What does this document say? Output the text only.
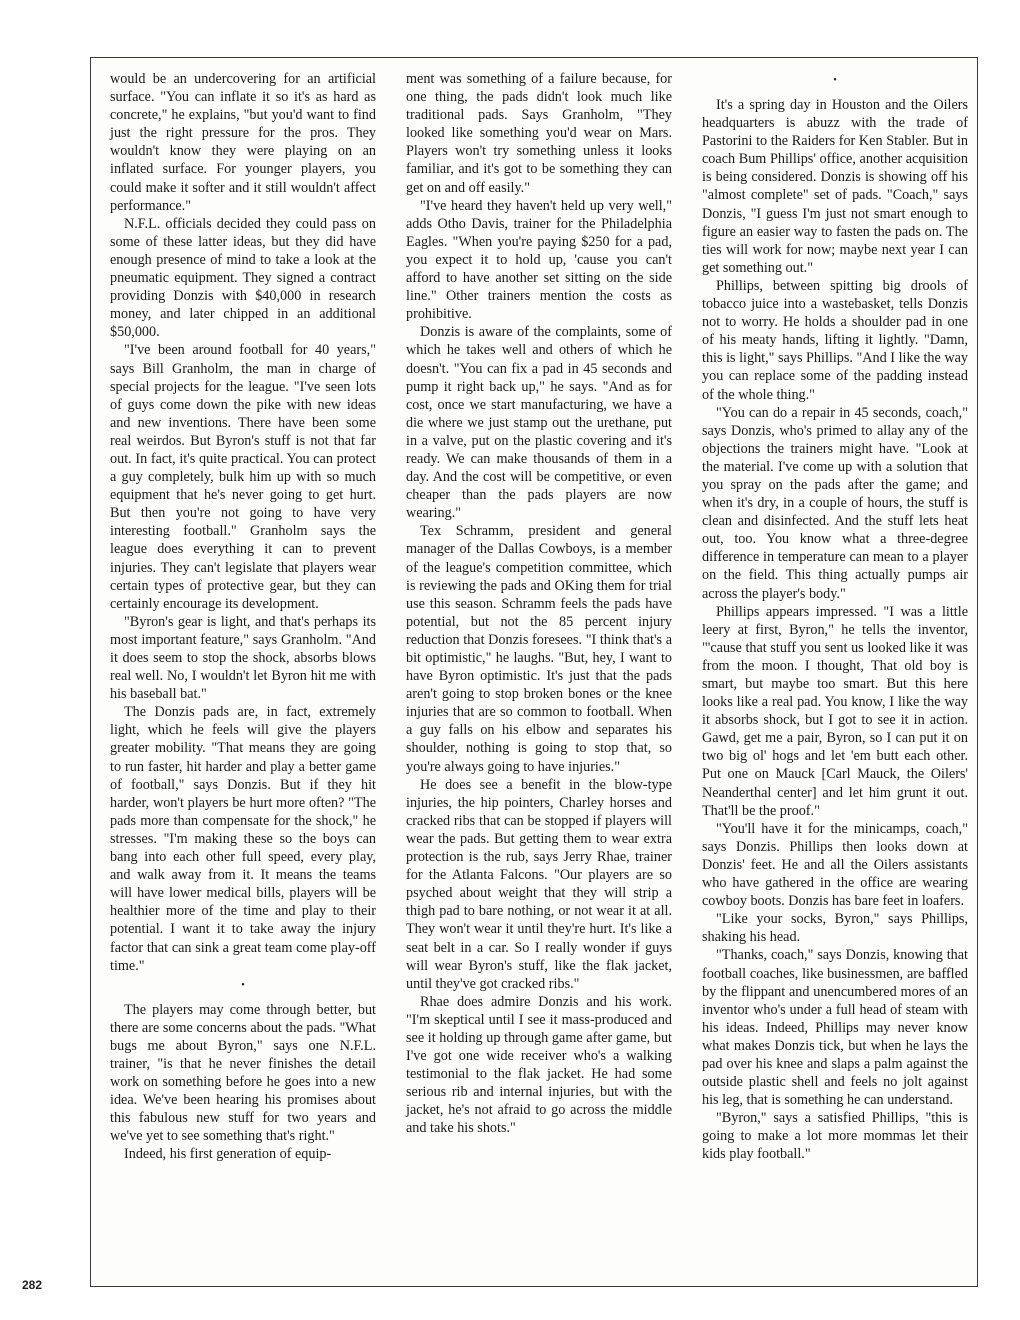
would be an undercovering for an artificial surface. "You can inflate it so it's as hard as concrete," he explains, "but you'd want to find just the right pressure for the pros. They wouldn't know they were playing on an inflated surface. For younger players, you could make it softer and it still wouldn't affect performance."

N.F.L. officials decided they could pass on some of these latter ideas, but they did have enough presence of mind to take a look at the pneumatic equipment. They signed a contract providing Donzis with $40,000 in research money, and later chipped in an additional $50,000.

"I've been around football for 40 years," says Bill Granholm, the man in charge of special projects for the league. "I've seen lots of guys come down the pike with new ideas and new inventions. There have been some real weirdos. But Byron's stuff is not that far out. In fact, it's quite practical. You can protect a guy completely, bulk him up with so much equipment that he's never going to get hurt. But then you're not going to have very interesting football." Granholm says the league does everything it can to prevent injuries. They can't legislate that players wear certain types of protective gear, but they can certainly encourage its development.

"Byron's gear is light, and that's perhaps its most important feature," says Granholm. "And it does seem to stop the shock, absorbs blows real well. No, I wouldn't let Byron hit me with his baseball bat."

The Donzis pads are, in fact, extremely light, which he feels will give the players greater mobility. "That means they are going to run faster, hit harder and play a better game of football," says Donzis. But if they hit harder, won't players be hurt more often? "The pads more than compensate for the shock," he stresses. "I'm making these so the boys can bang into each other full speed, every play, and walk away from it. It means the teams will have lower medical bills, players will be healthier more of the time and play to their potential. I want it to take away the injury factor that can sink a great team come play-off time."

•

The players may come through better, but there are some concerns about the pads. "What bugs me about Byron," says one N.F.L. trainer, "is that he never finishes the detail work on something before he goes into a new idea. We've been hearing his promises about this fabulous new stuff for two years and we've yet to see something that's right."

Indeed, his first generation of equip-

ment was something of a failure because, for one thing, the pads didn't look much like traditional pads. Says Granholm, "They looked like something you'd wear on Mars. Players won't try something unless it looks familiar, and it's got to be something they can get on and off easily."

"I've heard they haven't held up very well," adds Otho Davis, trainer for the Philadelphia Eagles. "When you're paying $250 for a pad, you expect it to hold up, 'cause you can't afford to have another set sitting on the side line." Other trainers mention the costs as prohibitive.

Donzis is aware of the complaints, some of which he takes well and others of which he doesn't. "You can fix a pad in 45 seconds and pump it right back up," he says. "And as for cost, once we start manufacturing, we have a die where we just stamp out the urethane, put in a valve, put on the plastic covering and it's ready. We can make thousands of them in a day. And the cost will be competitive, or even cheaper than the pads players are now wearing."

Tex Schramm, president and general manager of the Dallas Cowboys, is a member of the league's competition committee, which is reviewing the pads and OKing them for trial use this season. Schramm feels the pads have potential, but not the 85 percent injury reduction that Donzis foresees. "I think that's a bit optimistic," he laughs. "But, hey, I want to have Byron optimistic. It's just that the pads aren't going to stop broken bones or the knee injuries that are so common to football. When a guy falls on his elbow and separates his shoulder, nothing is going to stop that, so you're always going to have injuries."

He does see a benefit in the blow-type injuries, the hip pointers, Charley horses and cracked ribs that can be stopped if players will wear the pads. But getting them to wear extra protection is the rub, says Jerry Rhae, trainer for the Atlanta Falcons. "Our players are so psyched about weight that they will strip a thigh pad to bare nothing, or not wear it at all. They won't wear it until they're hurt. It's like a seat belt in a car. So I really wonder if guys will wear Byron's stuff, like the flak jacket, until they've got cracked ribs."

Rhae does admire Donzis and his work. "I'm skeptical until I see it mass-produced and see it holding up through game after game, but I've got one wide receiver who's a walking testimonial to the flak jacket. He had some serious rib and internal injuries, but with the jacket, he's not afraid to go across the middle and take his shots."

•

It's a spring day in Houston and the Oilers headquarters is abuzz with the trade of Pastorini to the Raiders for Ken Stabler. But in coach Bum Phillips' office, another acquisition is being considered. Donzis is showing off his "almost complete" set of pads. "Coach," says Donzis, "I guess I'm just not smart enough to figure an easier way to fasten the pads on. The ties will work for now; maybe next year I can get something out."

Phillips, between spitting big drools of tobacco juice into a wastebasket, tells Donzis not to worry. He holds a shoulder pad in one of his meaty hands, lifting it lightly. "Damn, this is light," says Phillips. "And I like the way you can replace some of the padding instead of the whole thing."

"You can do a repair in 45 seconds, coach," says Donzis, who's primed to allay any of the objections the trainers might have. "Look at the material. I've come up with a solution that you spray on the pads after the game; and when it's dry, in a couple of hours, the stuff is clean and disinfected. And the stuff lets heat out, too. You know what a three-degree difference in temperature can mean to a player on the field. This thing actually pumps air across the player's body."

Phillips appears impressed. "I was a little leery at first, Byron," he tells the inventor, "'cause that stuff you sent us looked like it was from the moon. I thought, That old boy is smart, but maybe too smart. But this here looks like a real pad. You know, I like the way it absorbs shock, but I got to see it in action. Gawd, get me a pair, Byron, so I can put it on two big ol' hogs and let 'em butt each other. Put one on Mauck [Carl Mauck, the Oilers' Neanderthal center] and let him grunt it out. That'll be the proof."

"You'll have it for the minicamps, coach," says Donzis. Phillips then looks down at Donzis' feet. He and all the Oilers assistants who have gathered in the office are wearing cowboy boots. Donzis has bare feet in loafers.

"Like your socks, Byron," says Phillips, shaking his head.

"Thanks, coach," says Donzis, knowing that football coaches, like businessmen, are baffled by the flippant and unencumbered mores of an inventor who's under a full head of steam with his ideas. Indeed, Phillips may never know what makes Donzis tick, but when he lays the pad over his knee and slaps a palm against the outside plastic shell and feels no jolt against his leg, that is something he can understand.

"Byron," says a satisfied Phillips, "this is going to make a lot more mommas let their kids play football."

282
